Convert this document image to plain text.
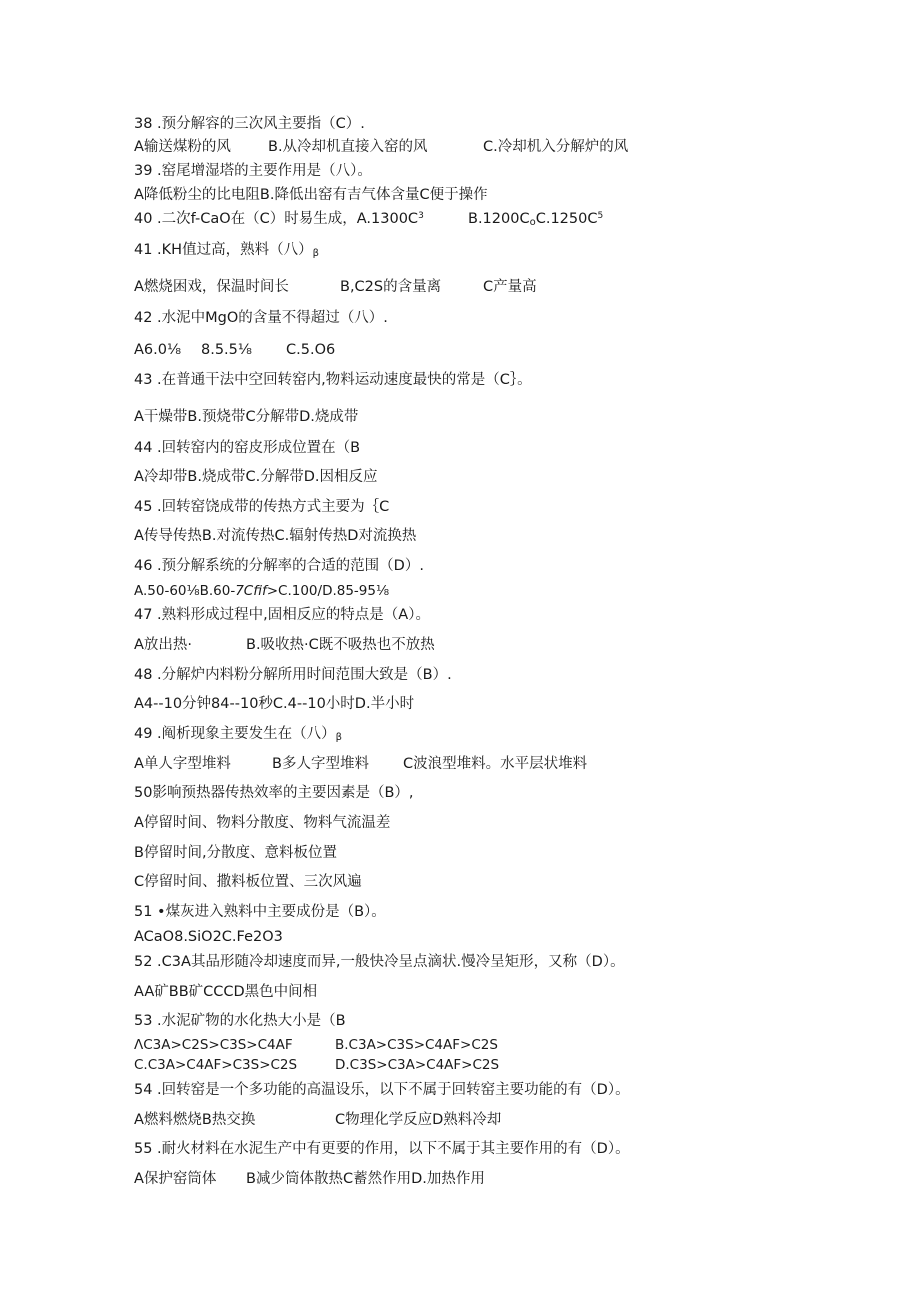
38 .预分解容的三次风主要指（C）.
A输送煤粉的风	B.从冷却机直接入窑的风	C.冷却机入分解炉的风
39 .窑尾增湿塔的主要作用是（八）。
A降低粉尘的比电阻B.降低出窑有吉气体含量C便于操作
40 .二次f-CaO在（C）时易生成，$A.1300C^3$	$B.1200C_oC.1250C^5$
41 .KH值过高，熟料（八）$_\beta$
A燃烧困戏，保温时间长	B,C2S的含量离	C产量高
42 .水泥中MgO的含量不得超过（八）.
A6.0⅛ 8.5.5⅛ C.5.O6
43 .在普通干法中空回转窑内,物料运动速度最快的常是（C｝。
A干燥带B.预烧带C分解带D.烧成带
44 .回转窑内的窑皮形成位置在（B
A冷却带B.烧成带C.分解带D.因相反应
45 .回转窑饶成带的传热方式主要为｛C
A传导传热B.对流传热C.辐射传热D对流换热
46 .预分解系统的分解率的合适的范围（D）.
A.50-60⅛B.60-7Cfif>C.100/D.85-95⅛
47 .熟料形成过程中,固相反应的特点是（A）。
A放出热·	B.吸收热·C既不吸热也不放热
48 .分解炉内料粉分解所用时间范围大致是（B）.
A4--10分钟84--10秒C.4--10小时D.半小时
49 .阄析现象主要发生在（八）$_\beta$
A单人字型堆料	B多人字型堆料 C波浪型堆料。水平层状堆料
50影响预热器传热效率的主要因素是（B）,
A停留时间、物料分散度、物料气流温差
B停留时间,分散度、意料板位置
C停留时间、撒料板位置、三次风遍
51 •煤灰进入熟料中主要成份是（B）。
ACaO8.SiO2C.Fe2O3
52 .C3A其品形随冷却速度而异,一般快冷呈点滴状.慢冷呈矩形，又称（D）。
AA矿BB矿CCCD黑色中间相
53 .水泥矿物的水化热大小是（B
ΛC3A>C2S>C3S>C4AF	B.C3A>C3S>C4AF>C2S
C.C3A>C4AF>C3S>C2S	D.C3S>C3A>C4AF>C2S
54 .回转窑是一个多功能的高温设乐，以下不属于回转窑主要功能的有（D）。
A燃料燃烧B热交换	C物理化学反应D熟料冷却
55 .耐火材料在水泥生产中有更要的作用，以下不属于其主要作用的有（D）。
A保护窑筒体 B减少筒体散热C蓄然作用D.加热作用
